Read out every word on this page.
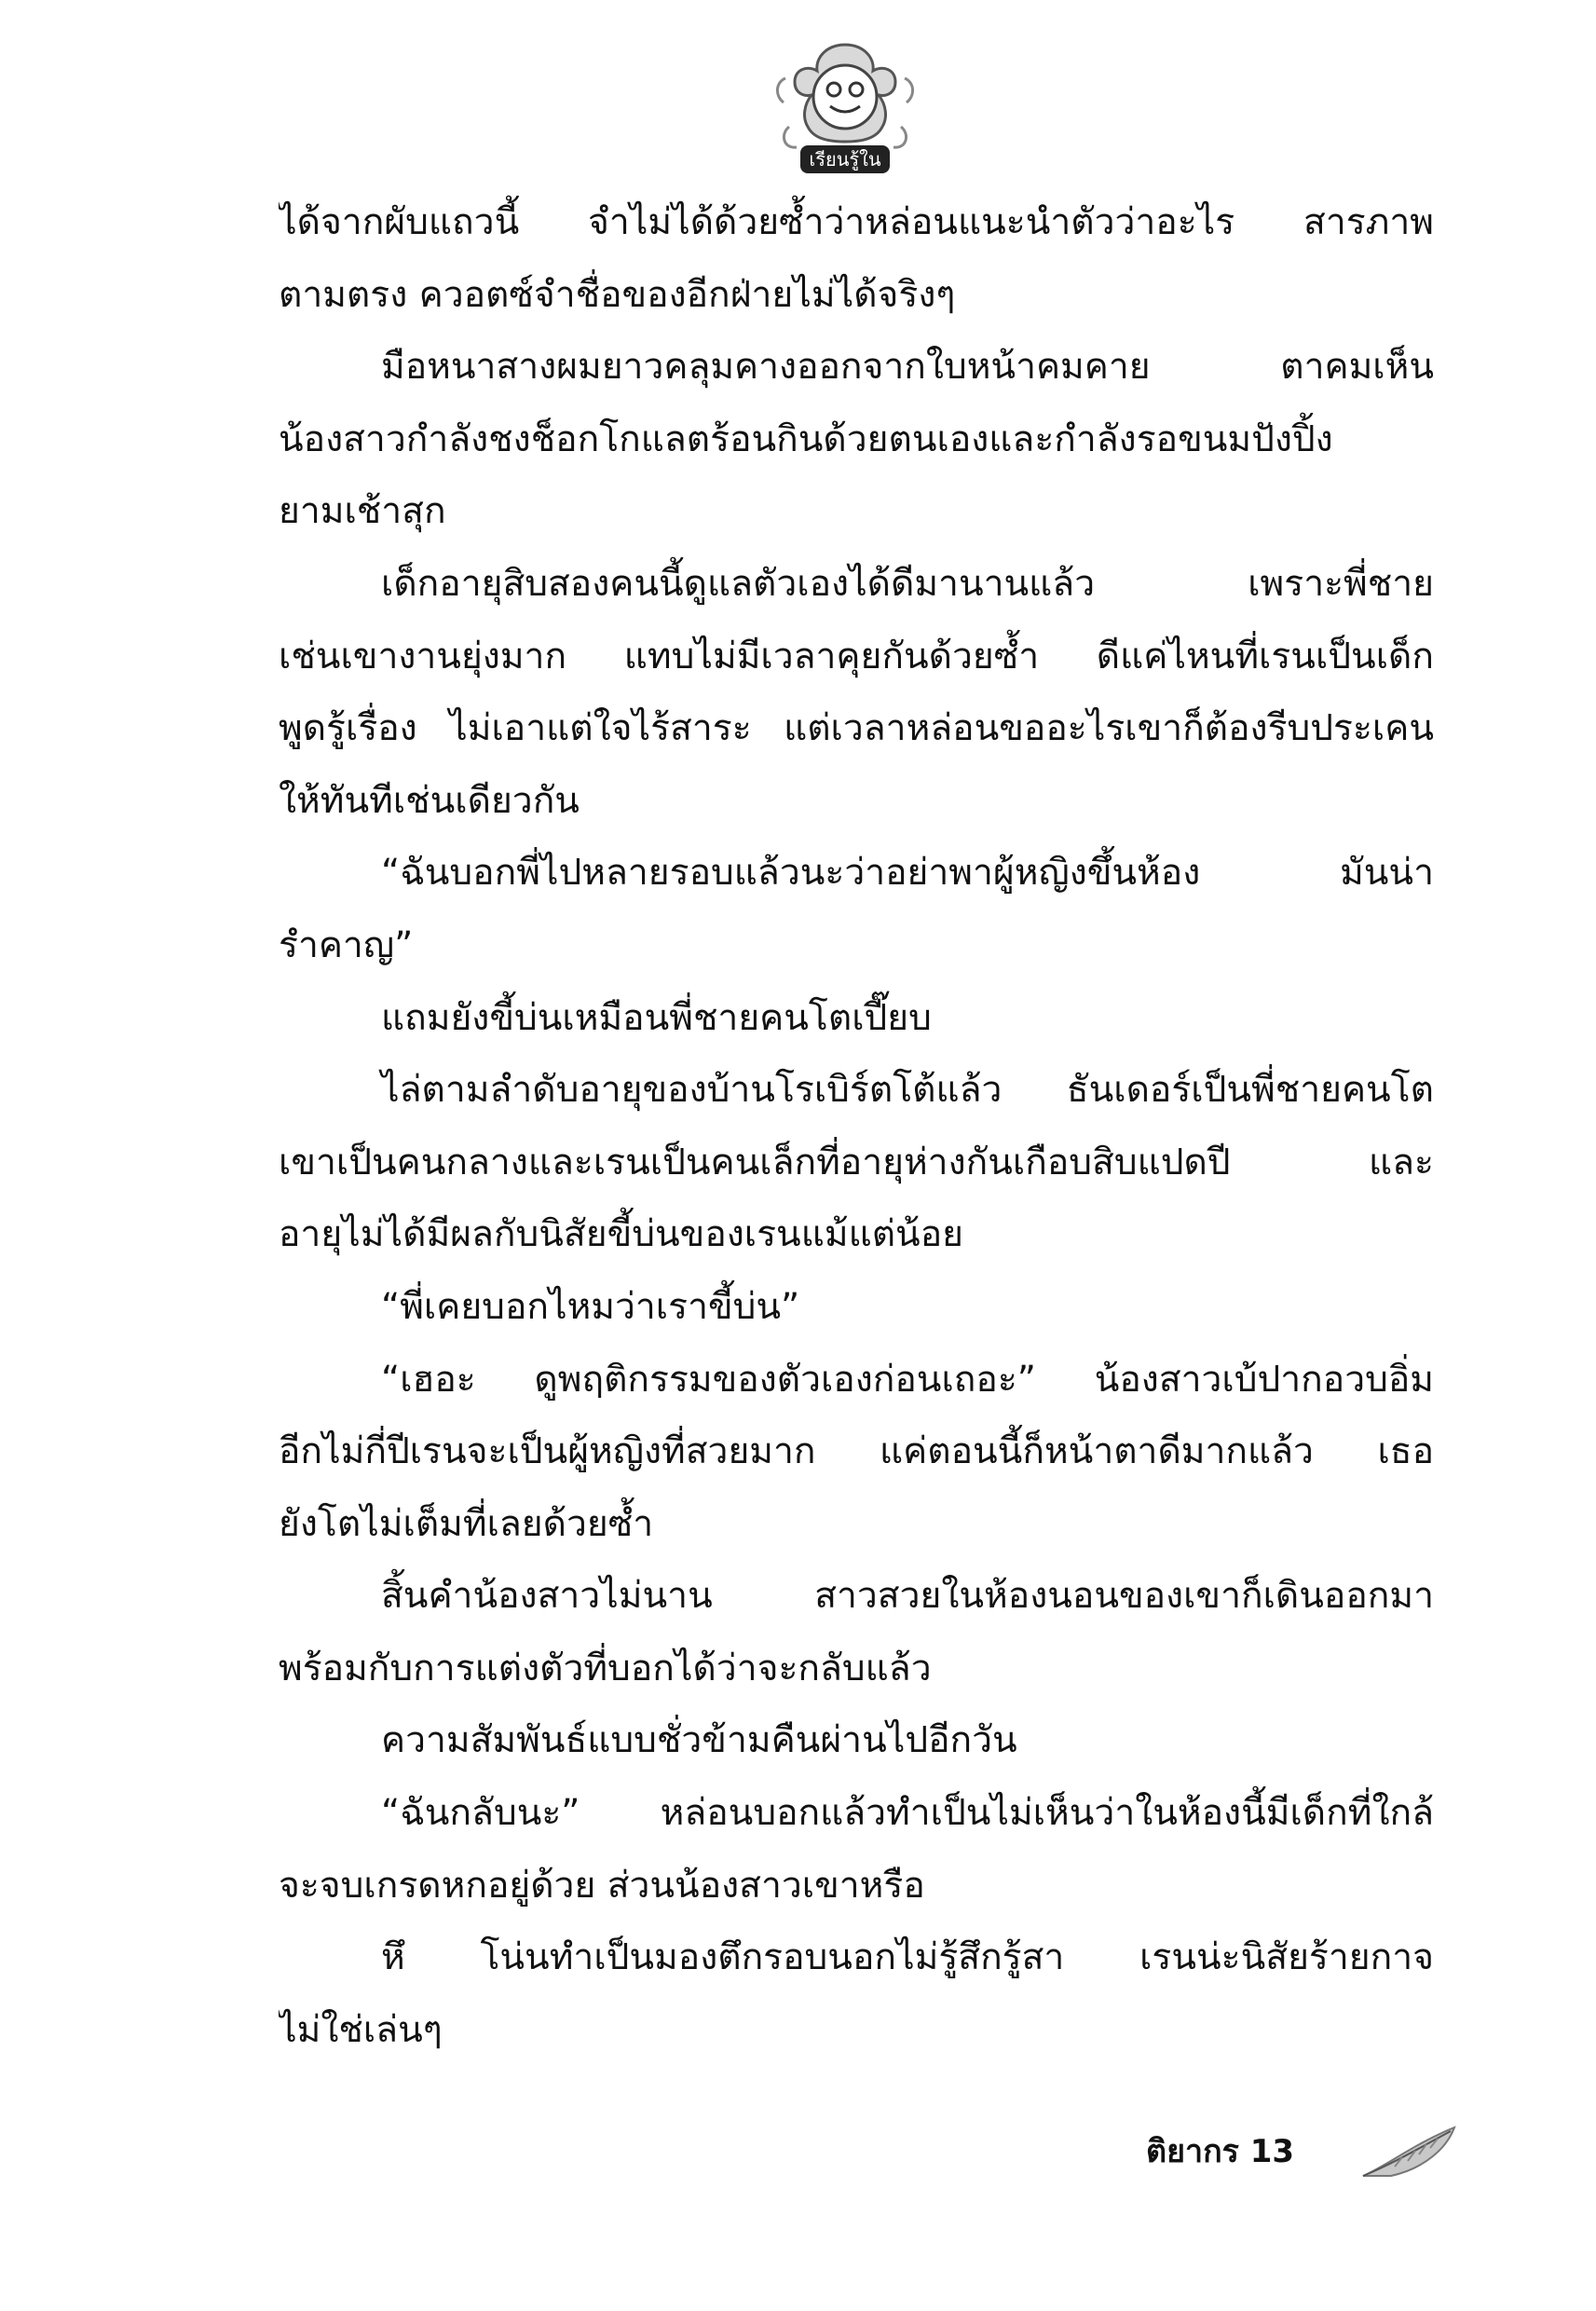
เรียนรู้ใน
ได้จากผับแถวนี้ จำไม่ได้ด้วยซ้ำว่าหล่อนแนะนำตัวว่าอะไร สารภาพ
ตามตรง ควอตซ์จำชื่อของอีกฝ่ายไม่ได้จริงๆ
มือหนาสางผมยาวคลุมคางออกจากใบหน้าคมคาย ตาคมเห็น
น้องสาวกำลังชงช็อกโกแลตร้อนกินด้วยตนเองและกำลังรอขนมปังปิ้ง
ยามเช้าสุก
เด็กอายุสิบสองคนนี้ดูแลตัวเองได้ดีมานานแล้ว เพราะพี่ชาย
เช่นเขางานยุ่งมาก แทบไม่มีเวลาคุยกันด้วยซ้ำ ดีแค่ไหนที่เรนเป็นเด็ก
พูดรู้เรื่อง ไม่เอาแต่ใจไร้สาระ แต่เวลาหล่อนขออะไรเขาก็ต้องรีบประเคน
ให้ทันทีเช่นเดียวกัน
“ฉันบอกพี่ไปหลายรอบแล้วนะว่าอย่าพาผู้หญิงขึ้นห้อง มันน่า
รำคาญ”
แถมยังขี้บ่นเหมือนพี่ชายคนโตเปี๊ยบ
ไล่ตามลำดับอายุของบ้านโรเบิร์ตโต้แล้ว ธันเดอร์เป็นพี่ชายคนโต
เขาเป็นคนกลางและเรนเป็นคนเล็กที่อายุห่างกันเกือบสิบแปดปี และ
อายุไม่ได้มีผลกับนิสัยขี้บ่นของเรนแม้แต่น้อย
“พี่เคยบอกไหมว่าเราขี้บ่น”
“เฮอะ ดูพฤติกรรมของตัวเองก่อนเถอะ” น้องสาวเบ้ปากอวบอิ่ม
อีกไม่กี่ปีเรนจะเป็นผู้หญิงที่สวยมาก แค่ตอนนี้ก็หน้าตาดีมากแล้ว เธอ
ยังโตไม่เต็มที่เลยด้วยซ้ำ
สิ้นคำน้องสาวไม่นาน สาวสวยในห้องนอนของเขาก็เดินออกมา
พร้อมกับการแต่งตัวที่บอกได้ว่าจะกลับแล้ว
ความสัมพันธ์แบบชั่วข้ามคืนผ่านไปอีกวัน
“ฉันกลับนะ” หล่อนบอกแล้วทำเป็นไม่เห็นว่าในห้องนี้มีเด็กที่ใกล้
จะจบเกรดหกอยู่ด้วย ส่วนน้องสาวเขาหรือ
หึ โน่นทำเป็นมองตึกรอบนอกไม่รู้สึกรู้สา เรนน่ะนิสัยร้ายกาจ
ไม่ใช่เล่นๆ
ติยากร 13
